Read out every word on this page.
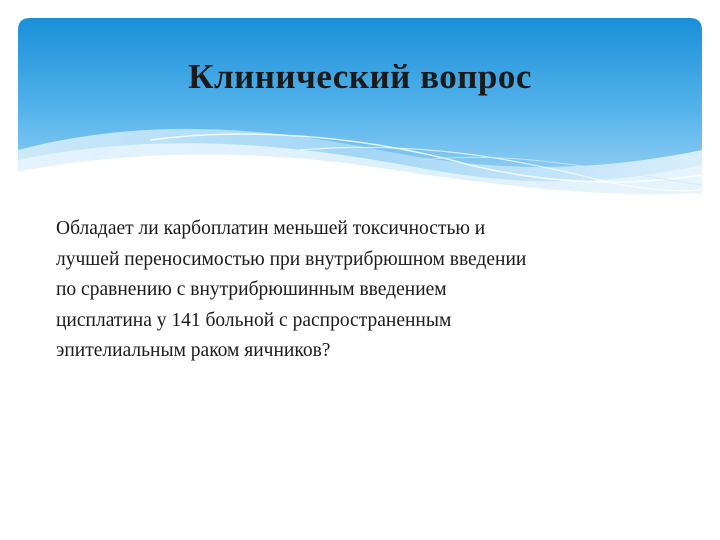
Клинический вопрос
Обладает ли карбоплатин меньшей токсичностью и
лучшей переносимостью при внутрибрюшном введении
по сравнению с внутрибрюшинным введением
цисплатина у 141 больной с распространенным
эпителиальным раком яичников?
